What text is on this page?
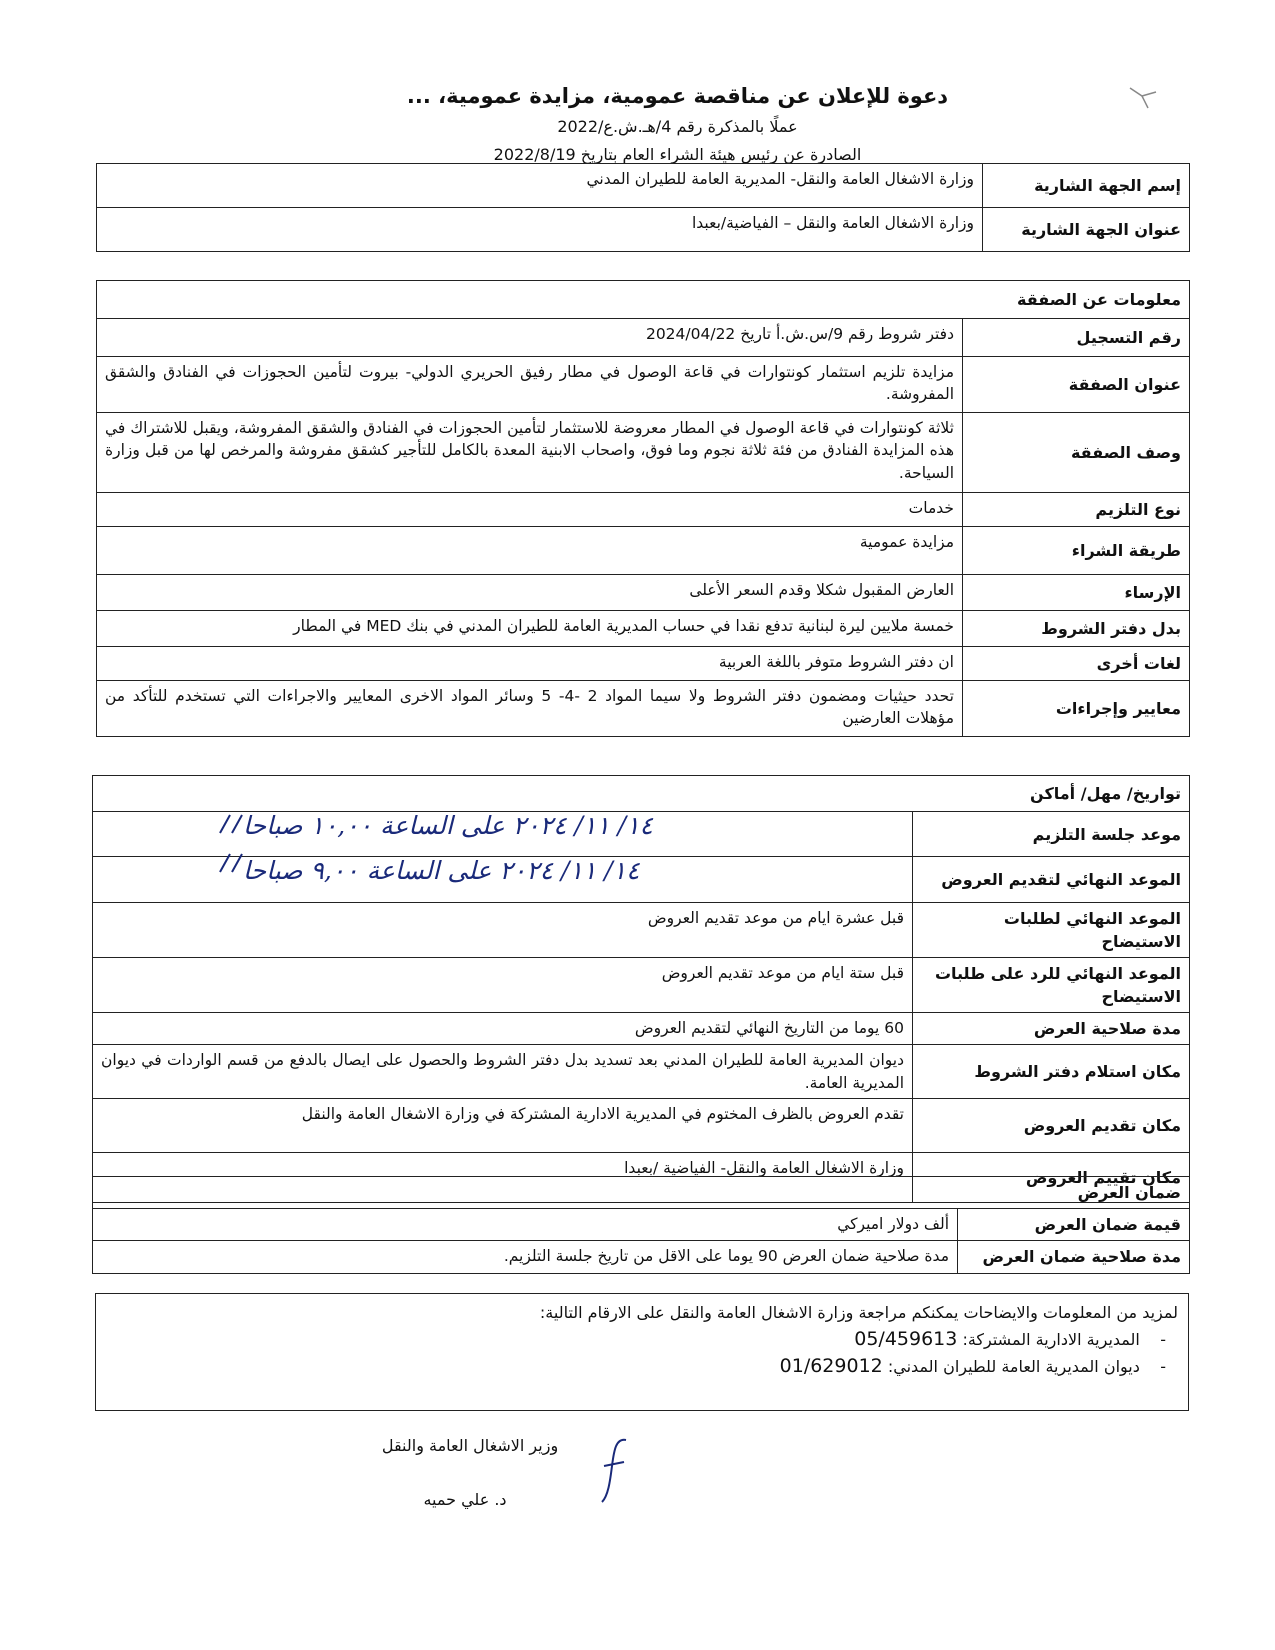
دعوة للإعلان عن مناقصة عمومية، مزايدة عمومية، ...
عملًا بالمذكرة رقم 4/هـ.ش.ع/2022
الصادرة عن رئيس هيئة الشراء العام بتاريخ 2022/8/19
إسم الجهة الشارية	وزارة الاشغال العامة والنقل- المديرية العامة للطيران المدني
عنوان الجهة الشارية	وزارة الاشغال العامة والنقل – الفياضية/بعبدا
معلومات عن الصفقة	
رقم التسجيل	دفتر شروط رقم 9/س.ش.أ تاريخ 2024/04/22
عنوان الصفقة	مزايدة تلزيم استثمار كونتوارات في قاعة الوصول في مطار رفيق الحريري الدولي- بيروت لتأمين الحجوزات في الفنادق والشقق المفروشة.
وصف الصفقة	ثلاثة كونتوارات في قاعة الوصول في المطار معروضة للاستثمار لتأمين الحجوزات في الفنادق والشقق المفروشة، ويقبل للاشتراك في هذه المزايدة الفنادق من فئة ثلاثة نجوم وما فوق، واصحاب الابنية المعدة بالكامل للتأجير كشقق مفروشة والمرخص لها من قبل وزارة السياحة.
نوع التلزيم	خدمات
طريقة الشراء	مزايدة عمومية
الإرساء	العارض المقبول شكلا وقدم السعر الأعلى
بدل دفتر الشروط	خمسة ملايين ليرة لبنانية تدفع نقدا في حساب المديرية العامة للطيران المدني في بنك MED في المطار
لغات أخرى	ان دفتر الشروط متوفر باللغة العربية
معايير وإجراءات	تحدد حيثيات ومضمون دفتر الشروط ولا سيما المواد 2 -4- 5 وسائر المواد الاخرى المعايير والاجراءات التي تستخدم للتأكد من مؤهلات العارضين
تواريخ/ مهل/ أماكن	
موعد جلسة التلزيم	١٤/ ١١/ ٢٠٢٤ على الساعة ١٠,٠٠ صباحا
الموعد النهائي لتقديم العروض	١٤/ ١١/ ٢٠٢٤ على الساعة ٩,٠٠ صباحا
الموعد النهائي لطلبات الاستيضاح	قبل عشرة ايام من موعد تقديم العروض
الموعد النهائي للرد على طلبات الاستيضاح	قبل ستة ايام من موعد تقديم العروض
مدة صلاحية العرض	60 يوما من التاريخ النهائي لتقديم العروض
مكان استلام دفتر الشروط	ديوان المديرية العامة للطيران المدني بعد تسديد بدل دفتر الشروط والحصول على ايصال بالدفع من قسم الواردات في ديوان المديرية العامة.
مكان تقديم العروض	تقدم العروض بالظرف المختوم في المديرية الادارية المشتركة في وزارة الاشغال العامة والنقل
مكان تقييم العروض	وزارة الاشغال العامة والنقل- الفياضية /بعبدا
ضمان العرض	
قيمة ضمان العرض	ألف دولار اميركي
مدة صلاحية ضمان العرض	مدة صلاحية ضمان العرض 90 يوما على الاقل من تاريخ جلسة التلزيم.
لمزيد من المعلومات والايضاحات يمكنكم مراجعة وزارة الاشغال العامة والنقل على الارقام التالية:
-    المديرية الادارية المشتركة: 05/459613
-    ديوان المديرية العامة للطيران المدني: 01/629012
وزير الاشغال العامة والنقل
د. علي حميه
